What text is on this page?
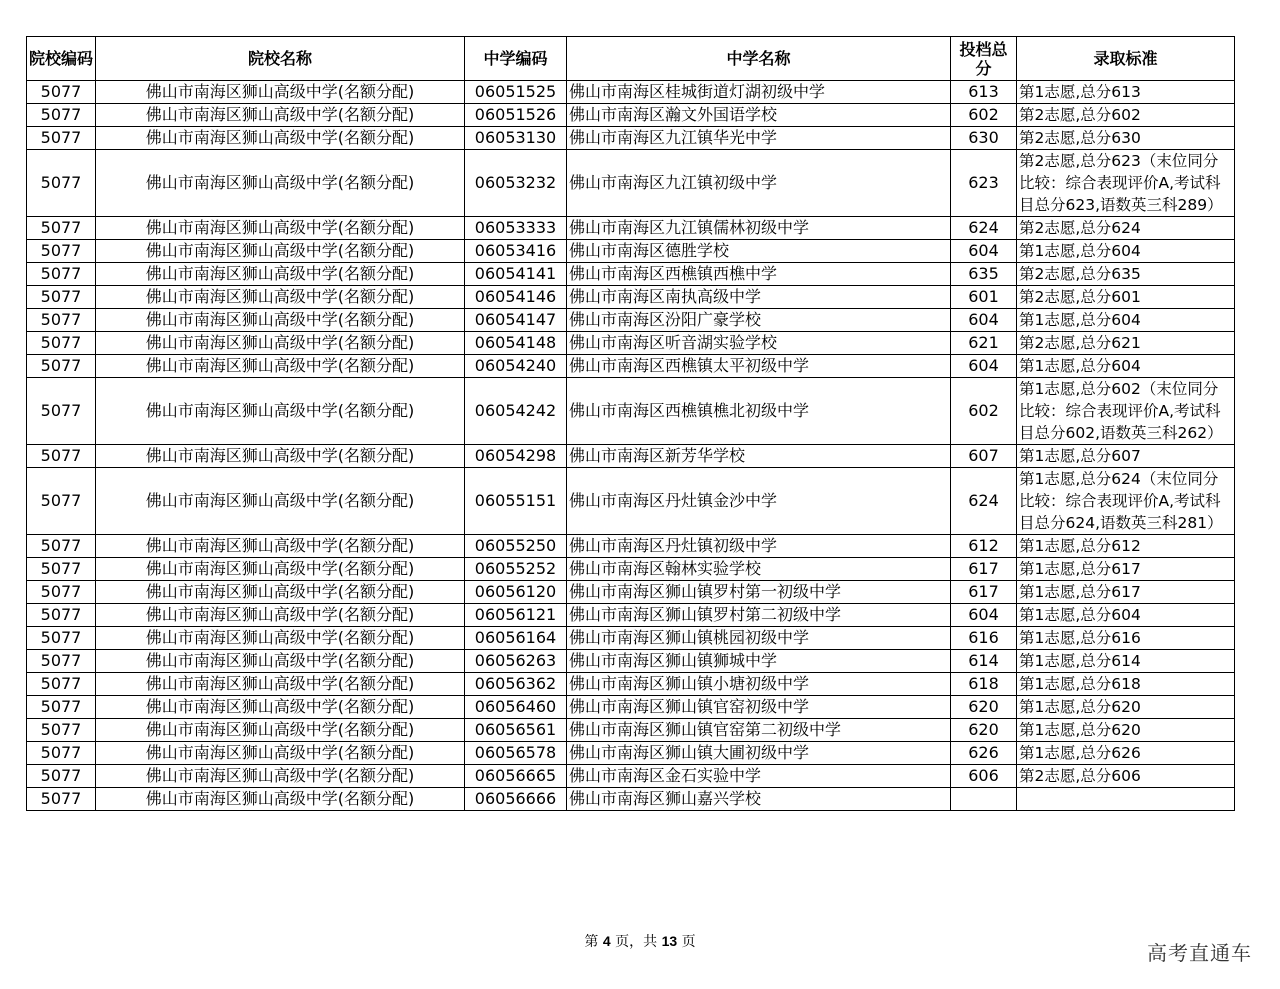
院校编码	院校名称	中学编码	中学名称	投档总分	录取标准
5077	佛山市南海区狮山高级中学(名额分配)	06051525	佛山市南海区桂城街道灯湖初级中学	613	第1志愿,总分613
5077	佛山市南海区狮山高级中学(名额分配)	06051526	佛山市南海区瀚文外国语学校	602	第2志愿,总分602
5077	佛山市南海区狮山高级中学(名额分配)	06053130	佛山市南海区九江镇华光中学	630	第2志愿,总分630
5077	佛山市南海区狮山高级中学(名额分配)	06053232	佛山市南海区九江镇初级中学	623	第2志愿,总分623（末位同分比较：综合表现评价A,考试科目总分623,语数英三科289）
5077	佛山市南海区狮山高级中学(名额分配)	06053333	佛山市南海区九江镇儒林初级中学	624	第2志愿,总分624
5077	佛山市南海区狮山高级中学(名额分配)	06053416	佛山市南海区德胜学校	604	第1志愿,总分604
5077	佛山市南海区狮山高级中学(名额分配)	06054141	佛山市南海区西樵镇西樵中学	635	第2志愿,总分635
5077	佛山市南海区狮山高级中学(名额分配)	06054146	佛山市南海区南执高级中学	601	第2志愿,总分601
5077	佛山市南海区狮山高级中学(名额分配)	06054147	佛山市南海区汾阳广豪学校	604	第1志愿,总分604
5077	佛山市南海区狮山高级中学(名额分配)	06054148	佛山市南海区听音湖实验学校	621	第2志愿,总分621
5077	佛山市南海区狮山高级中学(名额分配)	06054240	佛山市南海区西樵镇太平初级中学	604	第1志愿,总分604
5077	佛山市南海区狮山高级中学(名额分配)	06054242	佛山市南海区西樵镇樵北初级中学	602	第1志愿,总分602（末位同分比较：综合表现评价A,考试科目总分602,语数英三科262）
5077	佛山市南海区狮山高级中学(名额分配)	06054298	佛山市南海区新芳华学校	607	第1志愿,总分607
5077	佛山市南海区狮山高级中学(名额分配)	06055151	佛山市南海区丹灶镇金沙中学	624	第1志愿,总分624（末位同分比较：综合表现评价A,考试科目总分624,语数英三科281）
5077	佛山市南海区狮山高级中学(名额分配)	06055250	佛山市南海区丹灶镇初级中学	612	第1志愿,总分612
5077	佛山市南海区狮山高级中学(名额分配)	06055252	佛山市南海区翰林实验学校	617	第1志愿,总分617
5077	佛山市南海区狮山高级中学(名额分配)	06056120	佛山市南海区狮山镇罗村第一初级中学	617	第1志愿,总分617
5077	佛山市南海区狮山高级中学(名额分配)	06056121	佛山市南海区狮山镇罗村第二初级中学	604	第1志愿,总分604
5077	佛山市南海区狮山高级中学(名额分配)	06056164	佛山市南海区狮山镇桃园初级中学	616	第1志愿,总分616
5077	佛山市南海区狮山高级中学(名额分配)	06056263	佛山市南海区狮山镇狮城中学	614	第1志愿,总分614
5077	佛山市南海区狮山高级中学(名额分配)	06056362	佛山市南海区狮山镇小塘初级中学	618	第1志愿,总分618
5077	佛山市南海区狮山高级中学(名额分配)	06056460	佛山市南海区狮山镇官窑初级中学	620	第1志愿,总分620
5077	佛山市南海区狮山高级中学(名额分配)	06056561	佛山市南海区狮山镇官窑第二初级中学	620	第1志愿,总分620
5077	佛山市南海区狮山高级中学(名额分配)	06056578	佛山市南海区狮山镇大圃初级中学	626	第1志愿,总分626
5077	佛山市南海区狮山高级中学(名额分配)	06056665	佛山市南海区金石实验中学	606	第2志愿,总分606
5077	佛山市南海区狮山高级中学(名额分配)	06056666	佛山市南海区狮山嘉兴学校		
第 4 页，共 13 页	高考直通车
